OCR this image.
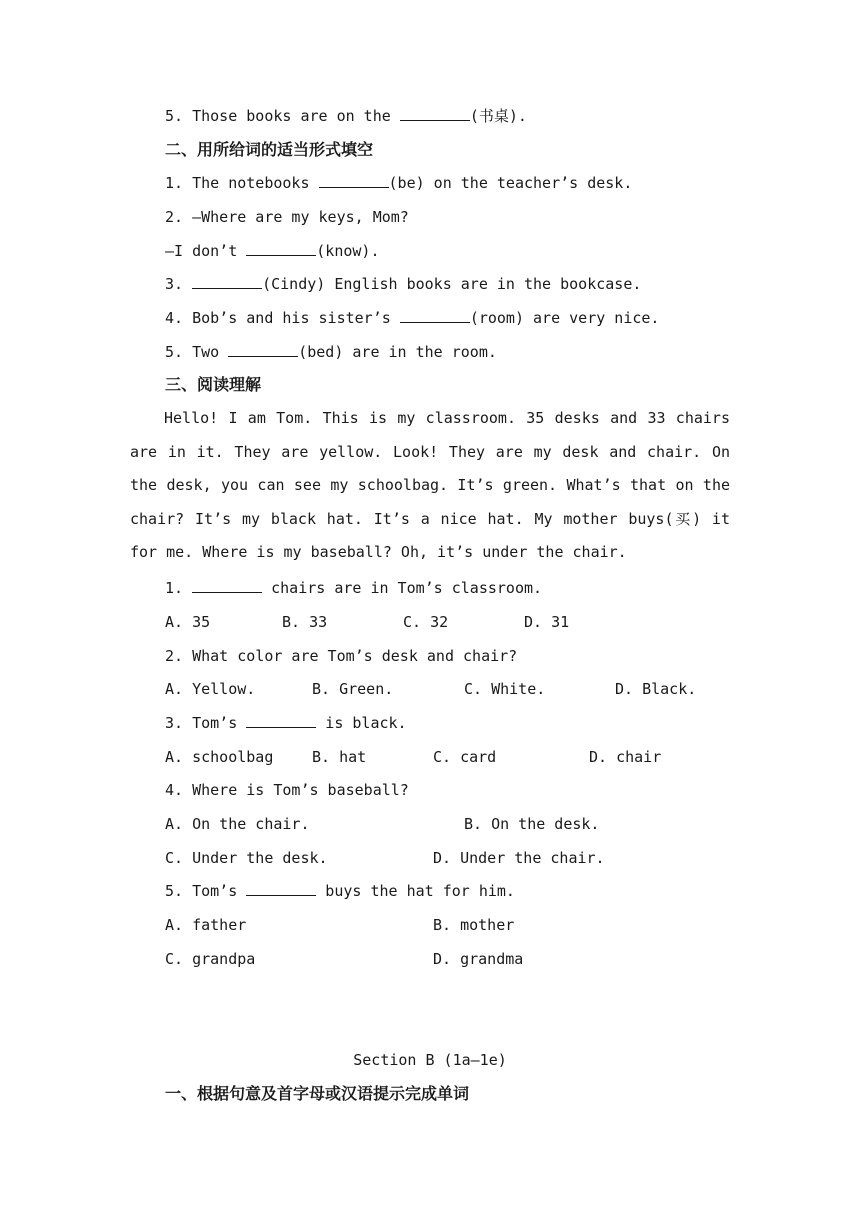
5. Those books are on the	(书桌).
二、用所给词的适当形式填空
1. The notebooks	(be) on the teacher’s desk.
2. —Where are my keys, Mom?
—I don’t	(know).
3.	(Cindy) English books are in the bookcase.
4. Bob’s and his sister’s	(room) are very nice.
5. Two	(bed) are in the room.
三、阅读理解
Hello! I am Tom. This is my classroom. 35 desks and 33 chairs are in it. They are yellow. Look! They are my desk and chair. On the desk, you can see my schoolbag. It’s green. What’s that on the chair? It’s my black hat. It’s a nice hat. My mother buys(买) it for me. Where is my baseball? Oh, it’s under the chair.
1.	chairs are in Tom’s classroom.
A. 35	B. 33	C. 32	D. 31
2. What color are Tom’s desk and chair?
A. Yellow.	B. Green.	C. White.	D. Black.
3. Tom’s	is black.
A. schoolbag	B. hat	C. card	D. chair
4. Where is Tom’s baseball?
A. On the chair.	B. On the desk.
C. Under the desk.	D. Under the chair.
5. Tom’s	buys the hat for him.
A. father	B. mother
C. grandpa	D. grandma
Section B (1a—1e)
一、根据句意及首字母或汉语提示完成单词
